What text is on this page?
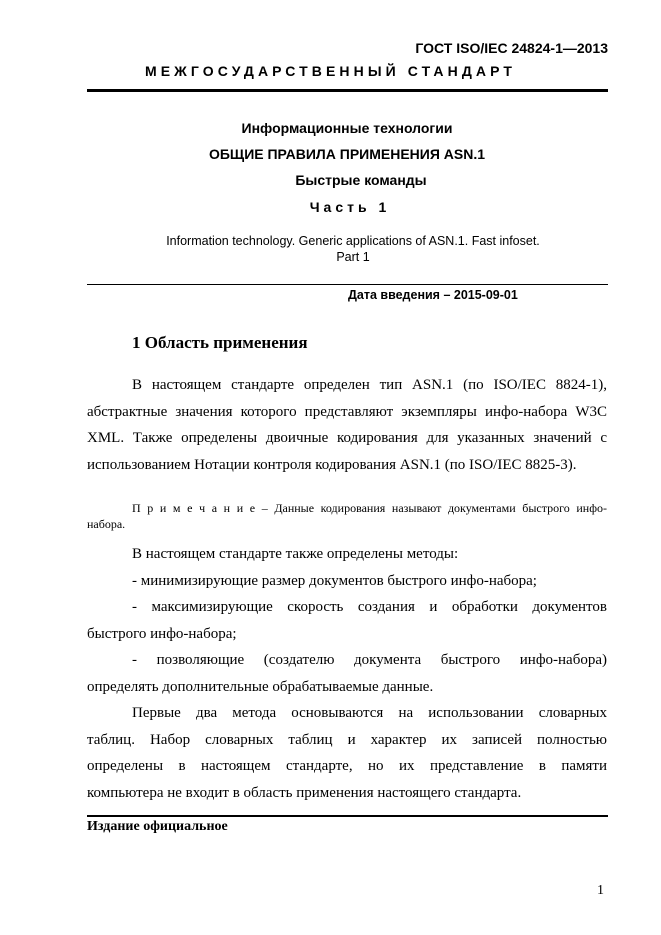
ГОСТ ISO/IEC 24824-1—2013
МЕЖГОСУДАРСТВЕННЫЙ СТАНДАРТ
Информационные технологии
ОБЩИЕ ПРАВИЛА ПРИМЕНЕНИЯ ASN.1
Быстрые команды
Часть 1
Information technology. Generic applications of ASN.1. Fast infoset.
Part 1
Дата введения – 2015-09-01
1 Область применения
В настоящем стандарте определен тип ASN.1 (по ISO/IEC 8824-1),
абстрактные значения которого представляют экземпляры инфо-набора W3C
XML. Также определены двоичные кодирования для указанных значений с
использованием Нотации контроля кодирования ASN.1 (по ISO/IEC 8825-3).
П р и м е ч а н и е – Данные кодирования называют документами быстрого инфо-
набора.
В настоящем стандарте также определены методы:
- минимизирующие размер документов быстрого инфо-набора;
- максимизирующие скорость создания и обработки документов
быстрого инфо-набора;
- позволяющие (создателю документа быстрого инфо-набора)
определять дополнительные обрабатываемые данные.
Первые два метода основываются на использовании словарных
таблиц. Набор словарных таблиц и характер их записей полностью
определены в настоящем стандарте, но их представление в памяти
компьютера не входит в область применения настоящего стандарта.
Издание официальное
1
